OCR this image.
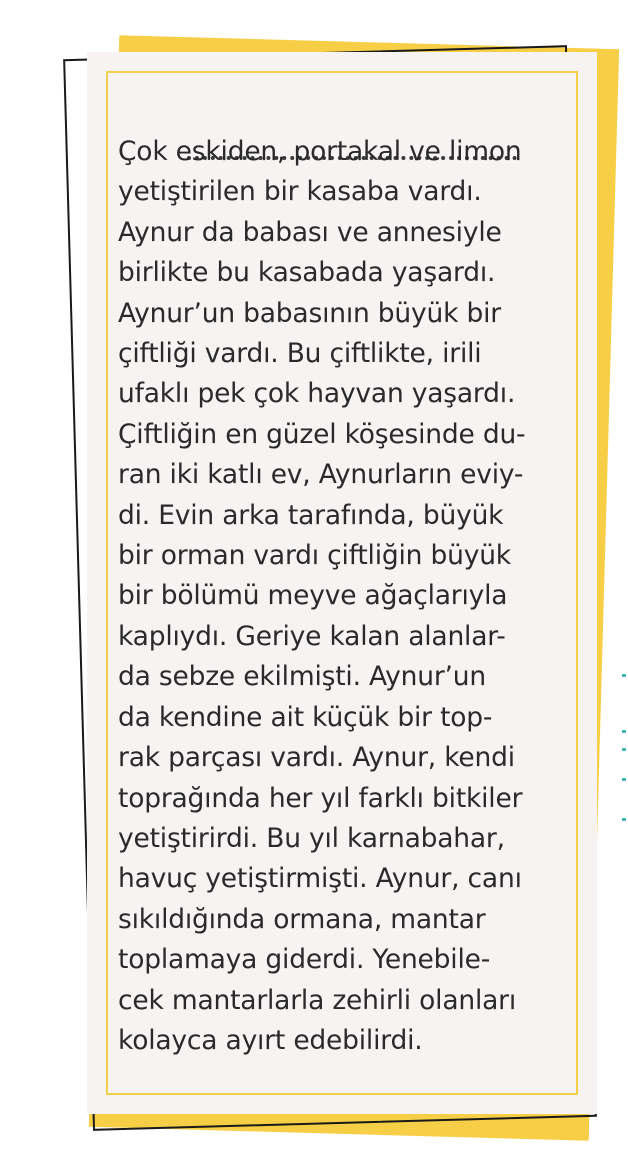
Çok eskiden, portakal ve limon
yetiştirilen bir kasaba vardı.
Aynur da babası ve annesiyle
birlikte bu kasabada yaşardı.
Aynur’un babasının büyük bir
çiftliği vardı. Bu çiftlikte, irili
ufaklı pek çok hayvan yaşardı.
Çiftliğin en güzel köşesinde du-
ran iki katlı ev, Aynurların eviy-
di. Evin arka tarafında, büyük
bir orman vardı çiftliğin büyük
bir bölümü meyve ağaçlarıyla
kaplıydı. Geriye kalan alanlar-
da sebze ekilmişti. Aynur’un
da kendine ait küçük bir top-
rak parçası vardı. Aynur, kendi
toprağında her yıl farklı bitkiler
yetiştirirdi. Bu yıl karnabahar,
havuç yetiştirmişti. Aynur, canı
sıkıldığında ormana, mantar
toplamaya giderdi. Yenebile-
cek mantarlarla zehirli olanları
kolayca ayırt edebilirdi.
